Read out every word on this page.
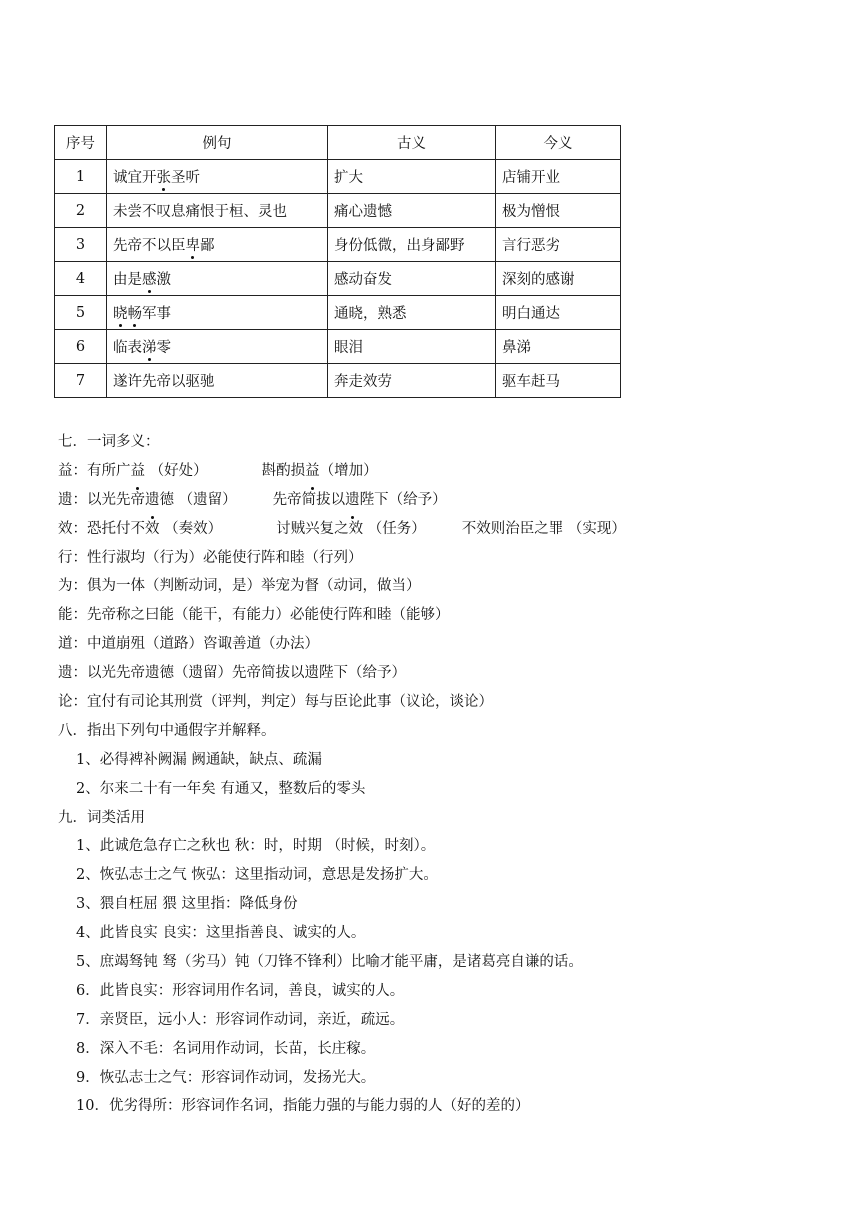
序号	例句	古义	今义
1	诚宜开张圣听	扩大	店铺开业
2	未尝不叹息痛恨于桓、灵也	痛心遗憾	极为憎恨
3	先帝不以臣卑鄙	身份低微，出身鄙野	言行恶劣
4	由是感激	感动奋发	深刻的感谢
5	晓畅军事	通晓，熟悉	明白通达
6	临表涕零	眼泪	鼻涕
7	遂许先帝以驱驰	奔走效劳	驱车赶马
七．一词多义：
益：有所广益 （好处）	斟酌损益（增加）
遗：以光先帝遗德 （遗留） 先帝简拔以遗陛下（给予）
效：恐托付不效 （奏效）	讨贼兴复之效 （任务） 不效则治臣之罪 （实现）
行：性行淑均（行为）必能使行阵和睦（行列）
为：俱为一体（判断动词，是）举宠为督（动词，做当）
能：先帝称之曰能（能干，有能力）必能使行阵和睦（能够）
道：中道崩殂（道路）咨诹善道（办法）
遗：以光先帝遗德（遗留）先帝简拔以遗陛下（给予）
论：宜付有司论其刑赏（评判，判定）每与臣论此事（议论，谈论）
八．指出下列句中通假字并解释。
1、必得裨补阙漏 阙通缺，缺点、疏漏
2、尔来二十有一年矣 有通又，整数后的零头
九．词类活用
1、此诚危急存亡之秋也 秋：时，时期 （时候，时刻）。
2、恢弘志士之气 恢弘：这里指动词，意思是发扬扩大。
3、猥自枉屈 猥 这里指：降低身份
4、此皆良实 良实：这里指善良、诚实的人。
5、庶竭驽钝 驽（劣马）钝（刀锋不锋利）比喻才能平庸，是诸葛亮自谦的话。
6．此皆良实：形容词用作名词，善良，诚实的人。
7．亲贤臣，远小人：形容词作动词，亲近，疏远。
8．深入不毛：名词用作动词，长苗，长庄稼。
9．恢弘志士之气：形容词作动词，发扬光大。
10．优劣得所：形容词作名词，指能力强的与能力弱的人（好的差的）
